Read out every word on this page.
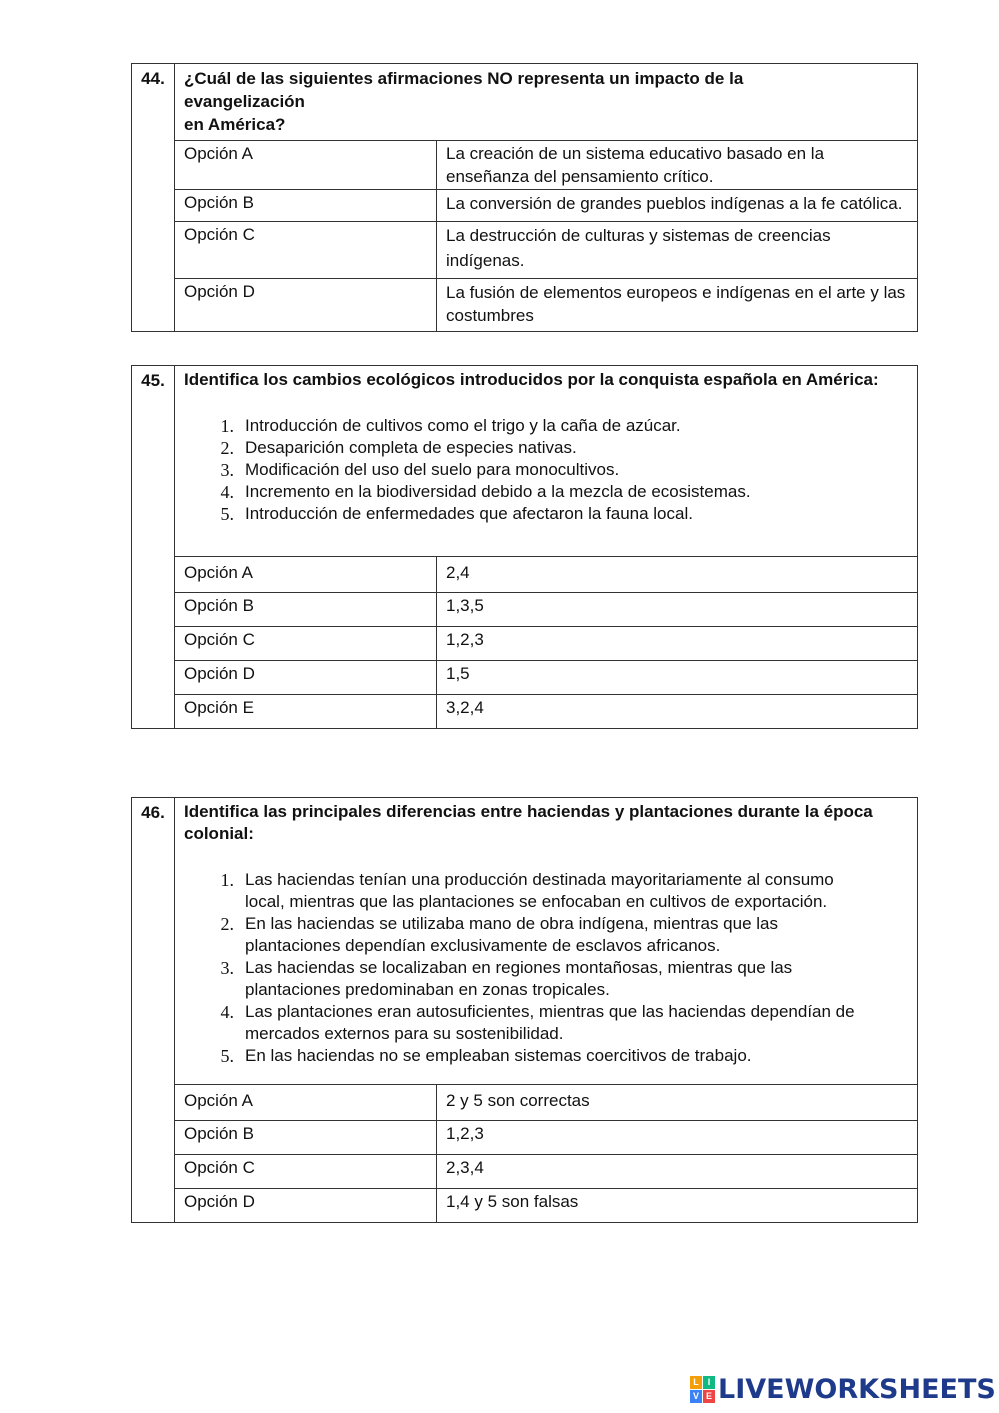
44.	¿Cuál de las siguientes afirmaciones NO representa un impacto de la
evangelización
en América?
Opción A	La creación de un sistema educativo basado en la enseñanza del pensamiento crítico.
Opción B	La conversión de grandes pueblos indígenas a la fe católica.
Opción C	La destrucción de culturas y sistemas de creencias indígenas.
Opción D	La fusión de elementos europeos e indígenas en el arte y las costumbres
45.	Identifica los cambios ecológicos introducidos por la conquista española en América:
Introducción de cultivos como el trigo y la caña de azúcar.
Desaparición completa de especies nativas.
Modificación del uso del suelo para monocultivos.
Incremento en la biodiversidad debido a la mezcla de ecosistemas.
Introducción de enfermedades que afectaron la fauna local.
Opción A	2,4
Opción B	1,3,5
Opción C	1,2,3
Opción D	1,5
Opción E	3,2,4
46.	Identifica las principales diferencias entre haciendas y plantaciones durante la época colonial:
Las haciendas tenían una producción destinada mayoritariamente al consumo local, mientras que las plantaciones se enfocaban en cultivos de exportación.
En las haciendas se utilizaba mano de obra indígena, mientras que las plantaciones dependían exclusivamente de esclavos africanos.
Las haciendas se localizaban en regiones montañosas, mientras que las plantaciones predominaban en zonas tropicales.
Las plantaciones eran autosuficientes, mientras que las haciendas dependían de mercados externos para su sostenibilidad.
En las haciendas no se empleaban sistemas coercitivos de trabajo.
Opción A	2 y 5 son correctas
Opción B	1,2,3
Opción C	2,3,4
Opción D	1,4 y 5 son falsas
L I
V E LIVEWORKSHEETS
